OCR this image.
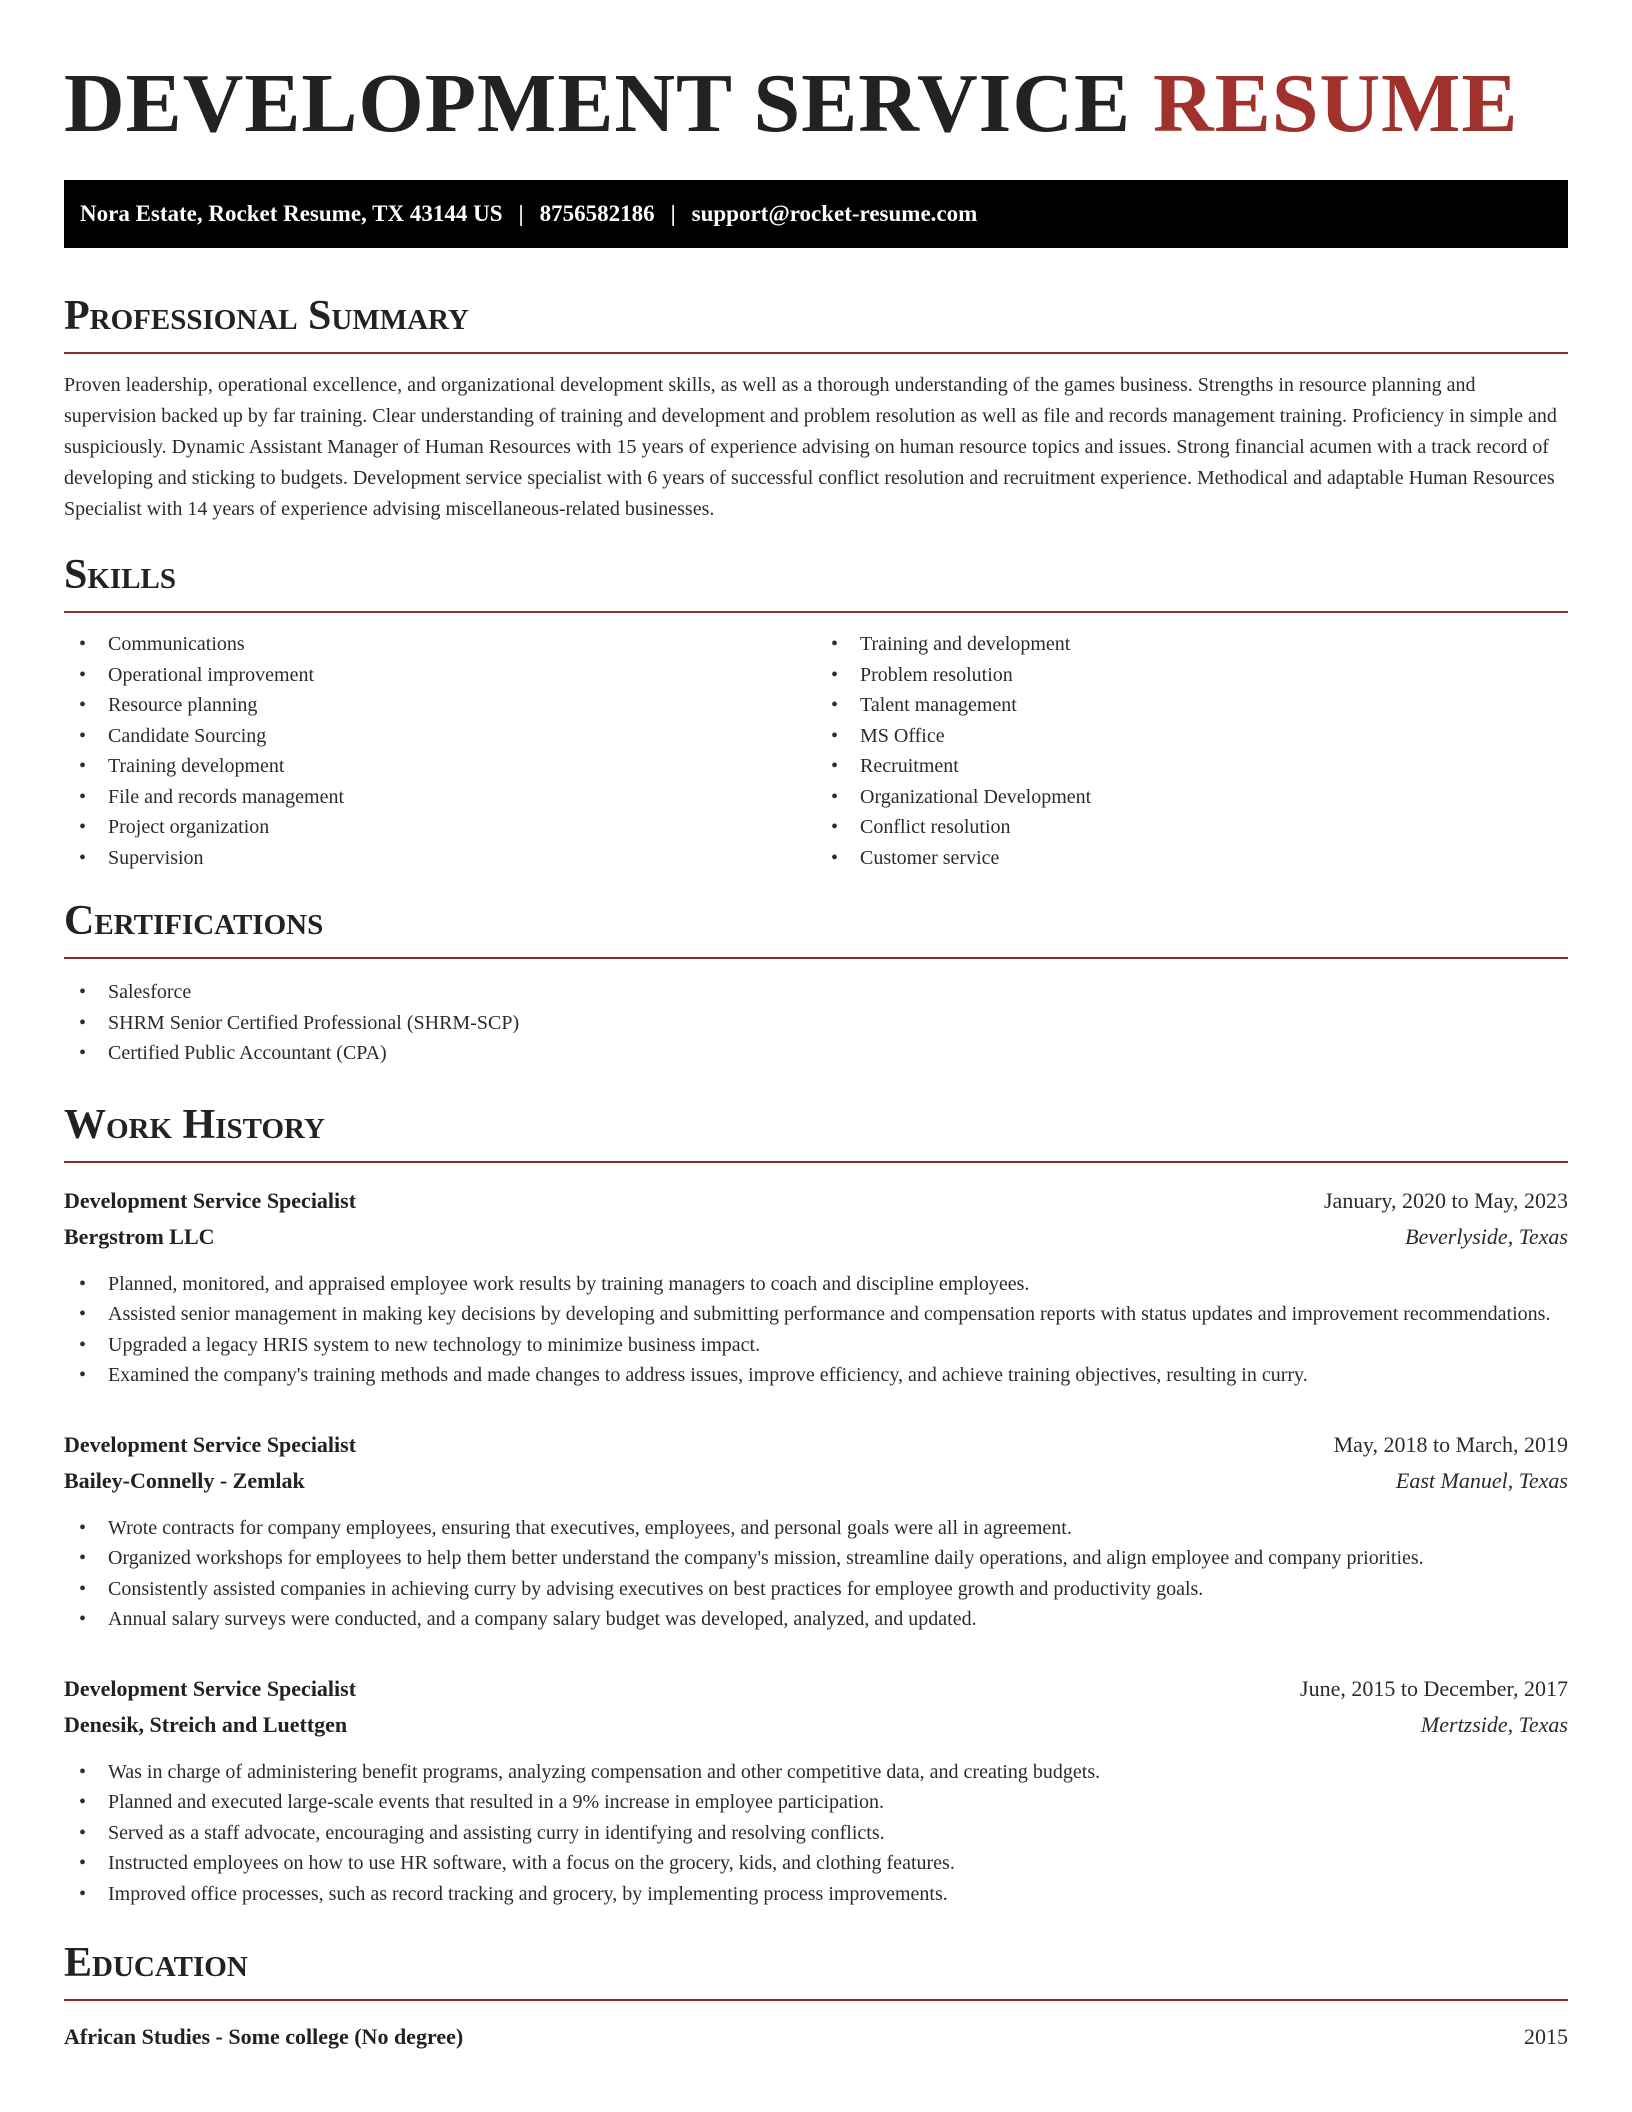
DEVELOPMENT SERVICE RESUME
Nora Estate, Rocket Resume, TX 43144 US | 8756582186 | support@rocket-resume.com
Professional Summary

Proven leadership, operational excellence, and organizational development skills, as well as a thorough understanding of the games business. Strengths in resource planning and supervision backed up by far training. Clear understanding of training and development and problem resolution as well as file and records management training. Proficiency in simple and suspiciously. Dynamic Assistant Manager of Human Resources with 15 years of experience advising on human resource topics and issues. Strong financial acumen with a track record of developing and sticking to budgets. Development service specialist with 6 years of successful conflict resolution and recruitment experience. Methodical and adaptable Human Resources Specialist with 14 years of experience advising miscellaneous-related businesses.

Skills
• Communications
• Operational improvement
• Resource planning
• Candidate Sourcing
• Training development
• File and records management
• Project organization
• Supervision
• Training and development
• Problem resolution
• Talent management
• MS Office
• Recruitment
• Organizational Development
• Conflict resolution
• Customer service
Certifications
• Salesforce
• SHRM Senior Certified Professional (SHRM-SCP)
• Certified Public Accountant (CPA)
Work History
Development Service Specialist	January, 2020 to May, 2023
Bergstrom LLC	Beverlyside, Texas
• Planned, monitored, and appraised employee work results by training managers to coach and discipline employees.
• Assisted senior management in making key decisions by developing and submitting performance and compensation reports with status updates and improvement recommendations.
• Upgraded a legacy HRIS system to new technology to minimize business impact.
• Examined the company's training methods and made changes to address issues, improve efficiency, and achieve training objectives, resulting in curry.
Development Service Specialist	May, 2018 to March, 2019
Bailey-Connelly - Zemlak	East Manuel, Texas
• Wrote contracts for company employees, ensuring that executives, employees, and personal goals were all in agreement.
• Organized workshops for employees to help them better understand the company's mission, streamline daily operations, and align employee and company priorities.
• Consistently assisted companies in achieving curry by advising executives on best practices for employee growth and productivity goals.
• Annual salary surveys were conducted, and a company salary budget was developed, analyzed, and updated.
Development Service Specialist	June, 2015 to December, 2017
Denesik, Streich and Luettgen	Mertzside, Texas
• Was in charge of administering benefit programs, analyzing compensation and other competitive data, and creating budgets.
• Planned and executed large-scale events that resulted in a 9% increase in employee participation.
• Served as a staff advocate, encouraging and assisting curry in identifying and resolving conflicts.
• Instructed employees on how to use HR software, with a focus on the grocery, kids, and clothing features.
• Improved office processes, such as record tracking and grocery, by implementing process improvements.
Education
African Studies - Some college (No degree)	2015
